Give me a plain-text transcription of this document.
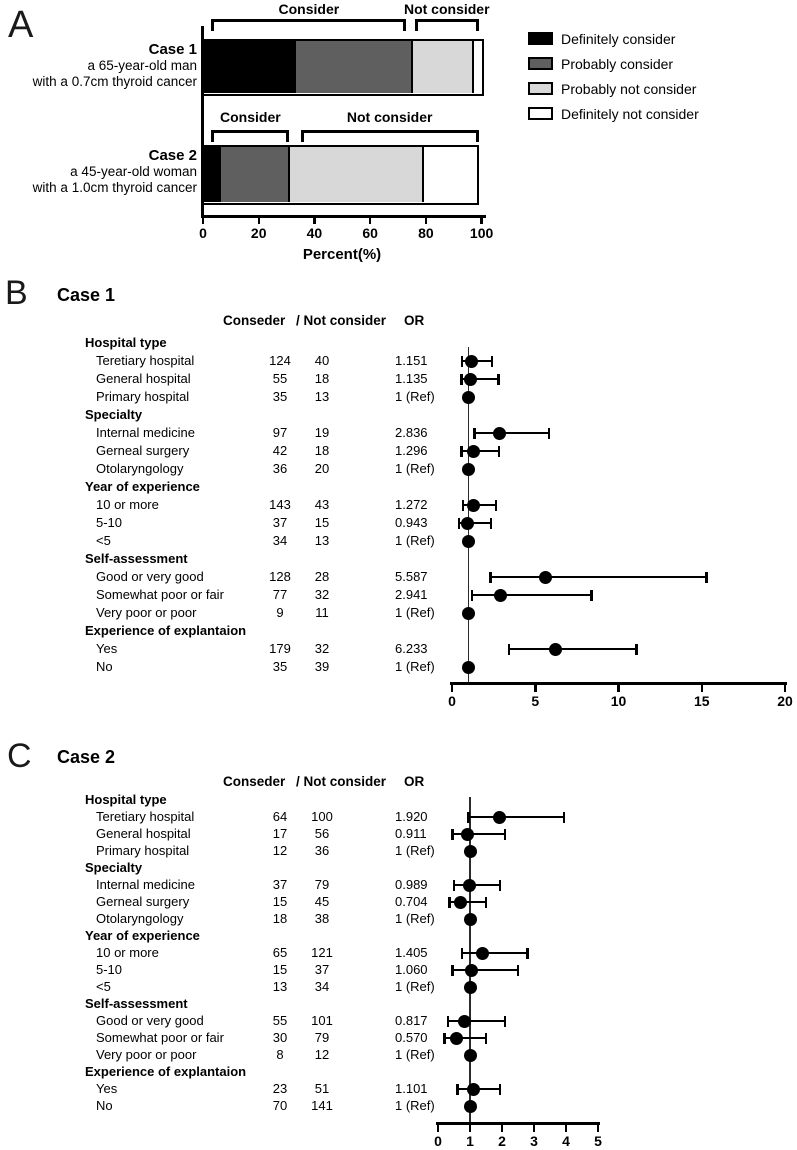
A
B
C
Case 1
Case 2
0	20	40	60	80	100
Percent(%)
Consider	Not consider
Case 1
a 65-year-old man
with a 0.7cm thyroid cancer
Consider	Not consider
Case 2
a 45-year-old woman
with a 1.0cm thyroid cancer
Definitely consider
Probably consider
Probably not consider
Definitely not consider
Conseder / Not consider OR
Hospital type
Teretiary hospital	124	40	1.151
General hospital	55	18	1.135
Primary hospital	35	13	1 (Ref)
Specialty
Internal medicine	97	19	2.836
Gerneal surgery	42	18	1.296
Otolaryngology	36	20	1 (Ref)
Year of experience
10 or more	143	43	1.272
5-10	37	15	0.943
<5	34	13	1 (Ref)
Self-assessment
Good or very good	128	28	5.587
Somewhat poor or fair	77	32	2.941
Very poor or poor	9	11	1 (Ref)
Experience of explantaion
Yes	179	32	6.233
No	35	39	1 (Ref)
0	5	10	15	20
Conseder / Not consider OR
Hospital type
Teretiary hospital	64	100	1.920
General hospital	17	56	0.911
Primary hospital	12	36	1 (Ref)
Specialty
Internal medicine	37	79	0.989
Gerneal surgery	15	45	0.704
Otolaryngology	18	38	1 (Ref)
Year of experience
10 or more	65	121	1.405
5-10	15	37	1.060
<5	13	34	1 (Ref)
Self-assessment
Good or very good	55	101	0.817
Somewhat poor or fair	30	79	0.570
Very poor or poor	8	12	1 (Ref)
Experience of explantaion
Yes	23	51	1.101
No	70	141	1 (Ref)
0	1	2	3	4	5
